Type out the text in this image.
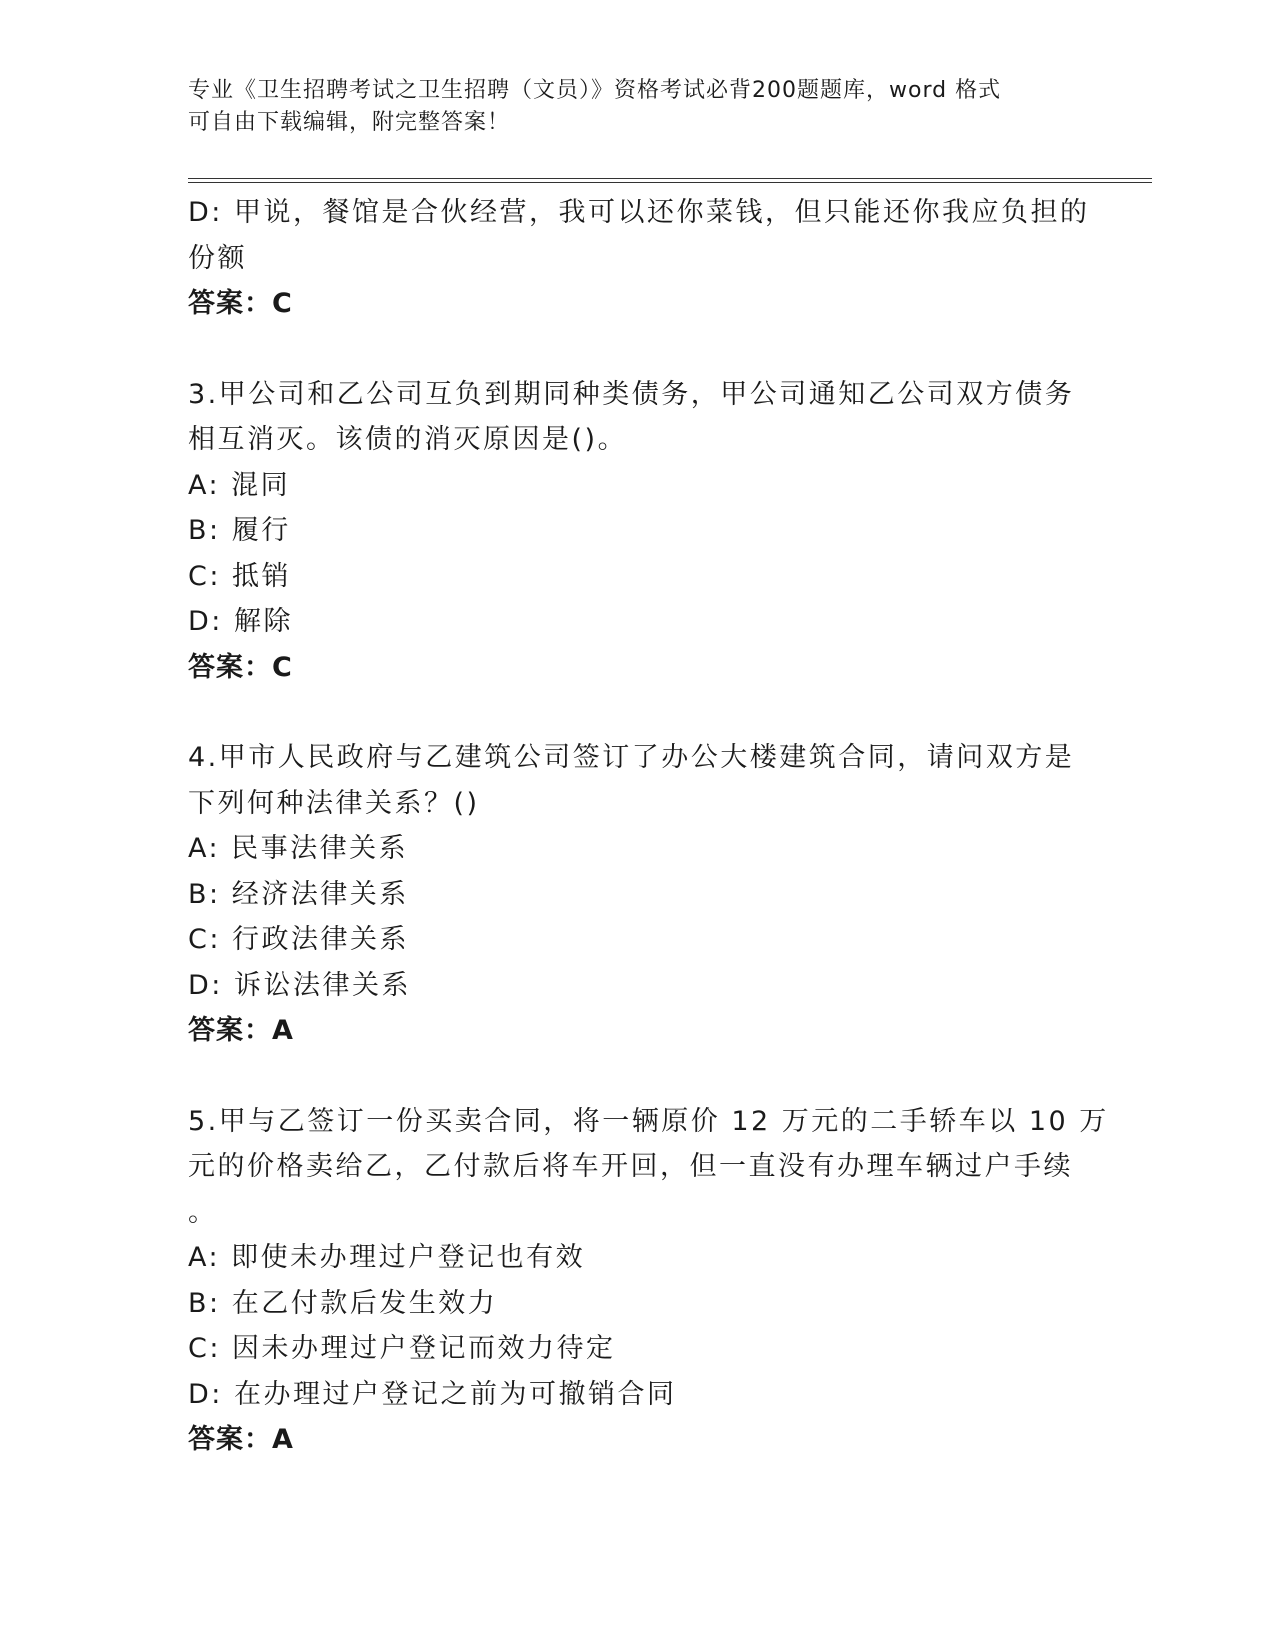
专业《卫生招聘考试之卫生招聘（文员）》资格考试必背200题题库，word 格式
可自由下载编辑，附完整答案！
D: 甲说，餐馆是合伙经营，我可以还你菜钱，但只能还你我应负担的
份额
答案：C
3.甲公司和乙公司互负到期同种类债务，甲公司通知乙公司双方债务
相互消灭。该债的消灭原因是()。
A: 混同
B: 履行
C: 抵销
D: 解除
答案：C
4.甲市人民政府与乙建筑公司签订了办公大楼建筑合同，请问双方是
下列何种法律关系？()
A: 民事法律关系
B: 经济法律关系
C: 行政法律关系
D: 诉讼法律关系
答案：A
5.甲与乙签订一份买卖合同，将一辆原价 12 万元的二手轿车以 10 万
元的价格卖给乙，乙付款后将车开回，但一直没有办理车辆过户手续
。
A: 即使未办理过户登记也有效
B: 在乙付款后发生效力
C: 因未办理过户登记而效力待定
D: 在办理过户登记之前为可撤销合同
答案：A
